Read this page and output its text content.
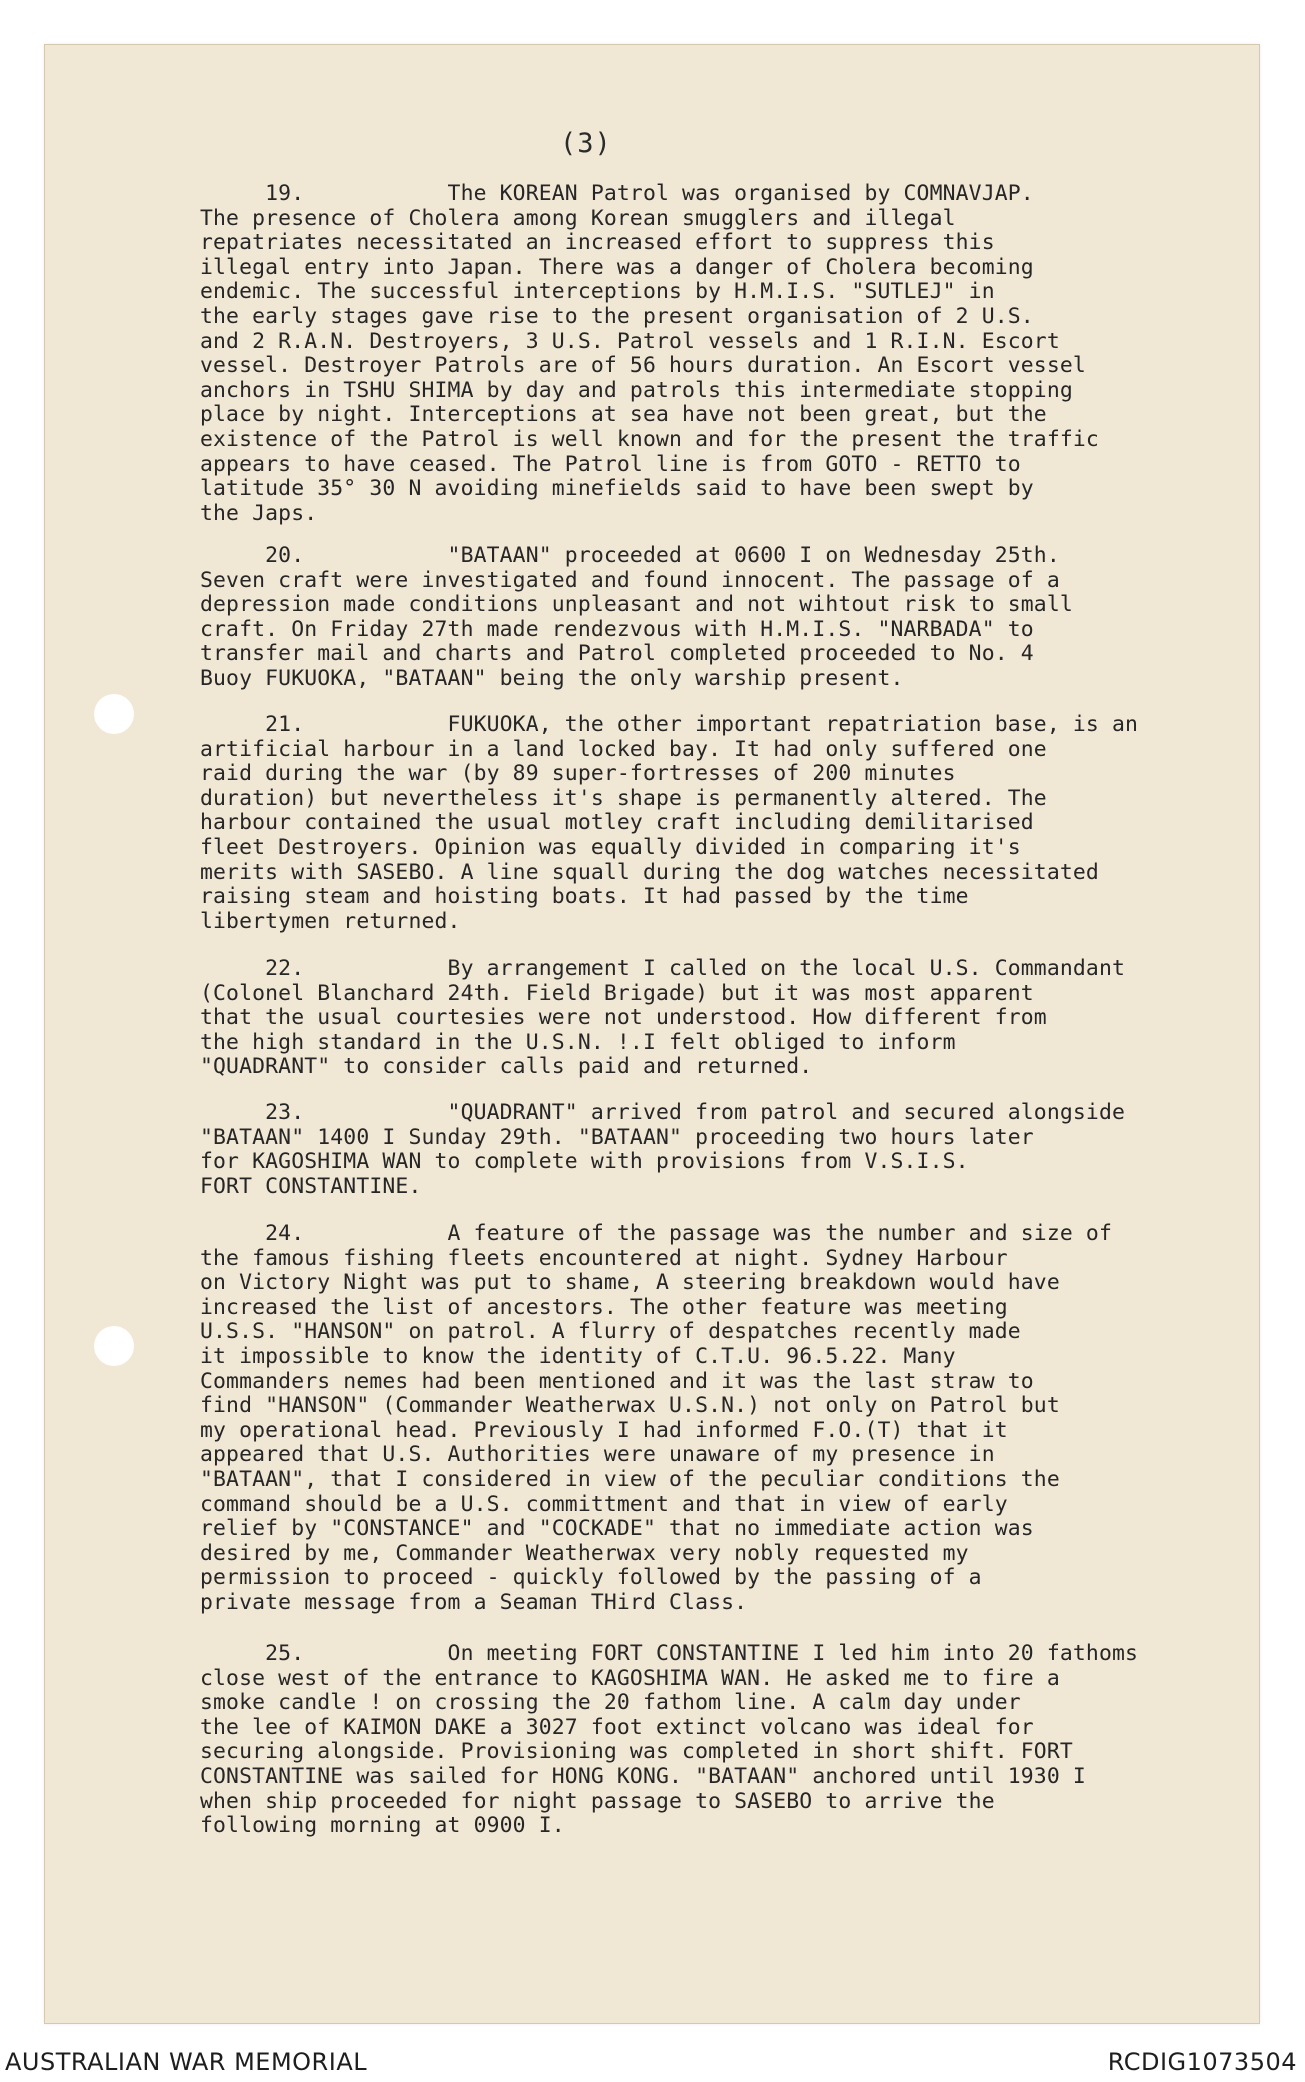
(3)

19.           The KOREAN Patrol was organised by COMNAVJAP.
The presence of Cholera among Korean smugglers and illegal
repatriates necessitated an increased effort to suppress this
illegal entry into Japan. There was a danger of Cholera becoming
endemic. The successful interceptions by H.M.I.S. "SUTLEJ" in
the early stages gave rise to the present organisation of 2 U.S.
and 2 R.A.N. Destroyers, 3 U.S. Patrol vessels and 1 R.I.N. Escort
vessel. Destroyer Patrols are of 56 hours duration. An Escort vessel
anchors in TSHU SHIMA by day and patrols this intermediate stopping
place by night. Interceptions at sea have not been great, but the
existence of the Patrol is well known and for the present the traffic
appears to have ceased. The Patrol line is from GOTO - RETTO to
latitude 35° 30 N avoiding minefields said to have been swept by
the Japs.

20.           "BATAAN" proceeded at 0600 I on Wednesday 25th.
Seven craft were investigated and found innocent. The passage of a
depression made conditions unpleasant and not wihtout risk to small
craft. On Friday 27th made rendezvous with H.M.I.S. "NARBADA" to
transfer mail and charts and Patrol completed proceeded to No. 4
Buoy FUKUOKA, "BATAAN" being the only warship present.

21.           FUKUOKA, the other important repatriation base, is an
artificial harbour in a land locked bay. It had only suffered one
raid during the war (by 89 super-fortresses of 200 minutes
duration) but nevertheless it's shape is permanently altered. The
harbour contained the usual motley craft including demilitarised
fleet Destroyers. Opinion was equally divided in comparing it's
merits with SASEBO. A line squall during the dog watches necessitated
raising steam and hoisting boats. It had passed by the time
libertymen returned.

22.           By arrangement I called on the local U.S. Commandant
(Colonel Blanchard 24th. Field Brigade) but it was most apparent
that the usual courtesies were not understood. How different from
the high standard in the U.S.N. !.I felt obliged to inform
"QUADRANT" to consider calls paid and returned.

23.           "QUADRANT" arrived from patrol and secured alongside
"BATAAN" 1400 I Sunday 29th. "BATAAN" proceeding two hours later
for KAGOSHIMA WAN to complete with provisions from V.S.I.S.
FORT CONSTANTINE.

24.           A feature of the passage was the number and size of
the famous fishing fleets encountered at night. Sydney Harbour
on Victory Night was put to shame, A steering breakdown would have
increased the list of ancestors. The other feature was meeting
U.S.S. "HANSON" on patrol. A flurry of despatches recently made
it impossible to know the identity of C.T.U. 96.5.22. Many
Commanders nemes had been mentioned and it was the last straw to
find "HANSON" (Commander Weatherwax U.S.N.) not only on Patrol but
my operational head. Previously I had informed F.O.(T) that it
appeared that U.S. Authorities were unaware of my presence in
"BATAAN", that I considered in view of the peculiar conditions the
command should be a U.S. committment and that in view of early
relief by "CONSTANCE" and "COCKADE" that no immediate action was
desired by me, Commander Weatherwax very nobly requested my
permission to proceed - quickly followed by the passing of a
private message from a Seaman THird Class.

25.           On meeting FORT CONSTANTINE I led him into 20 fathoms
close west of the entrance to KAGOSHIMA WAN. He asked me to fire a
smoke candle ! on crossing the 20 fathom line. A calm day under
the lee of KAIMON DAKE a 3027 foot extinct volcano was ideal for
securing alongside. Provisioning was completed in short shift. FORT
CONSTANTINE was sailed for HONG KONG. "BATAAN" anchored until 1930 I
when ship proceeded for night passage to SASEBO to arrive the
following morning at 0900 I.

AUSTRALIAN WAR MEMORIAL	RCDIG1073504
